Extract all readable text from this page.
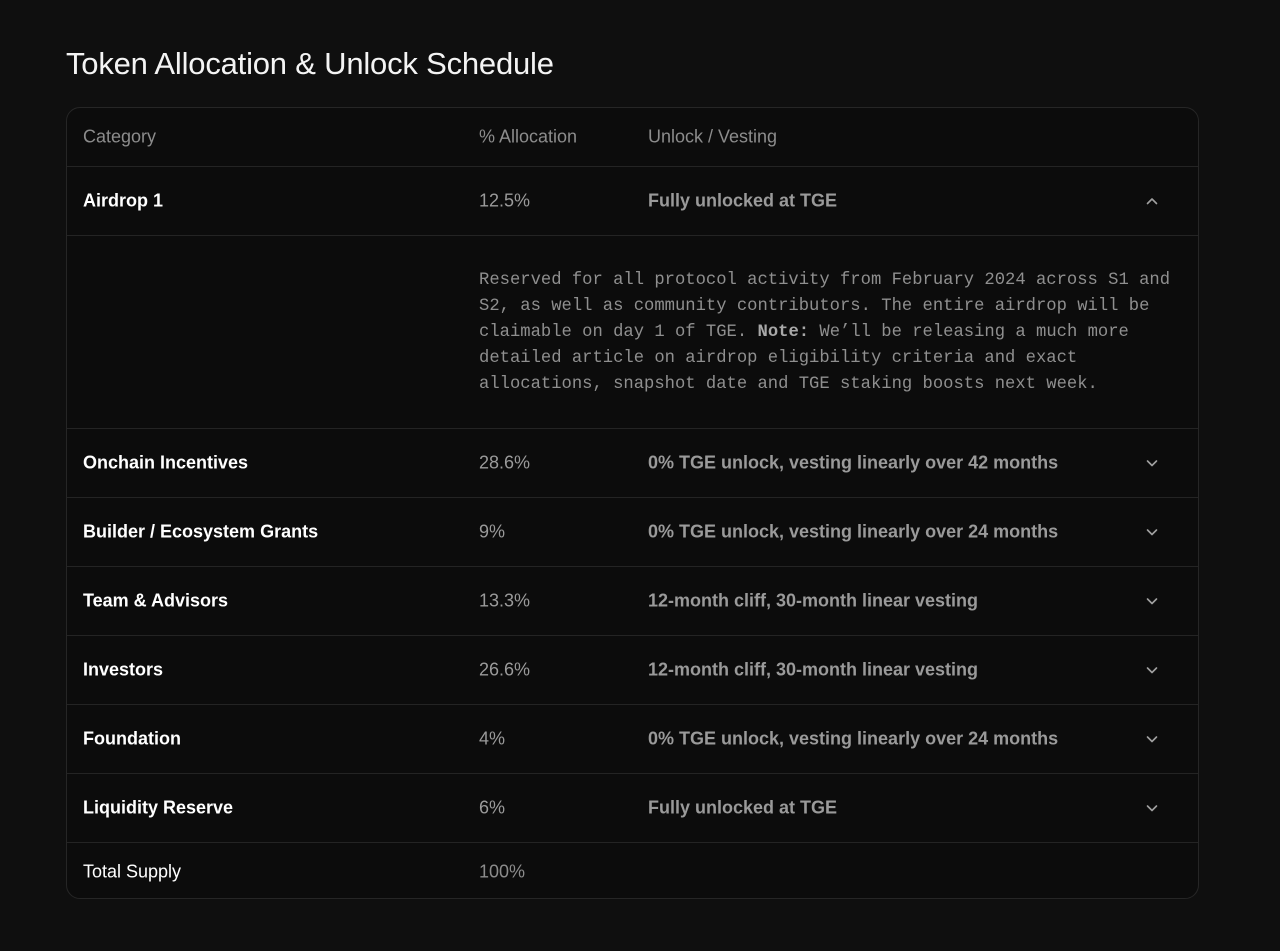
Token Allocation & Unlock Schedule
Category	% Allocation	Unlock / Vesting
Airdrop 1	12.5%	Fully unlocked at TGE

Reserved for all protocol activity from February 2024 across S1 and S2, as well as community contributors. The entire airdrop will be claimable on day 1 of TGE. Note: We’ll be releasing a much more detailed article on airdrop eligibility criteria and exact allocations, snapshot date and TGE staking boosts next week.

Onchain Incentives	28.6%	0% TGE unlock, vesting linearly over 42 months
Builder / Ecosystem Grants	9%	0% TGE unlock, vesting linearly over 24 months
Team & Advisors	13.3%	12-month cliff, 30-month linear vesting
Investors	26.6%	12-month cliff, 30-month linear vesting
Foundation	4%	0% TGE unlock, vesting linearly over 24 months
Liquidity Reserve	6%	Fully unlocked at TGE
Total Supply	100%
